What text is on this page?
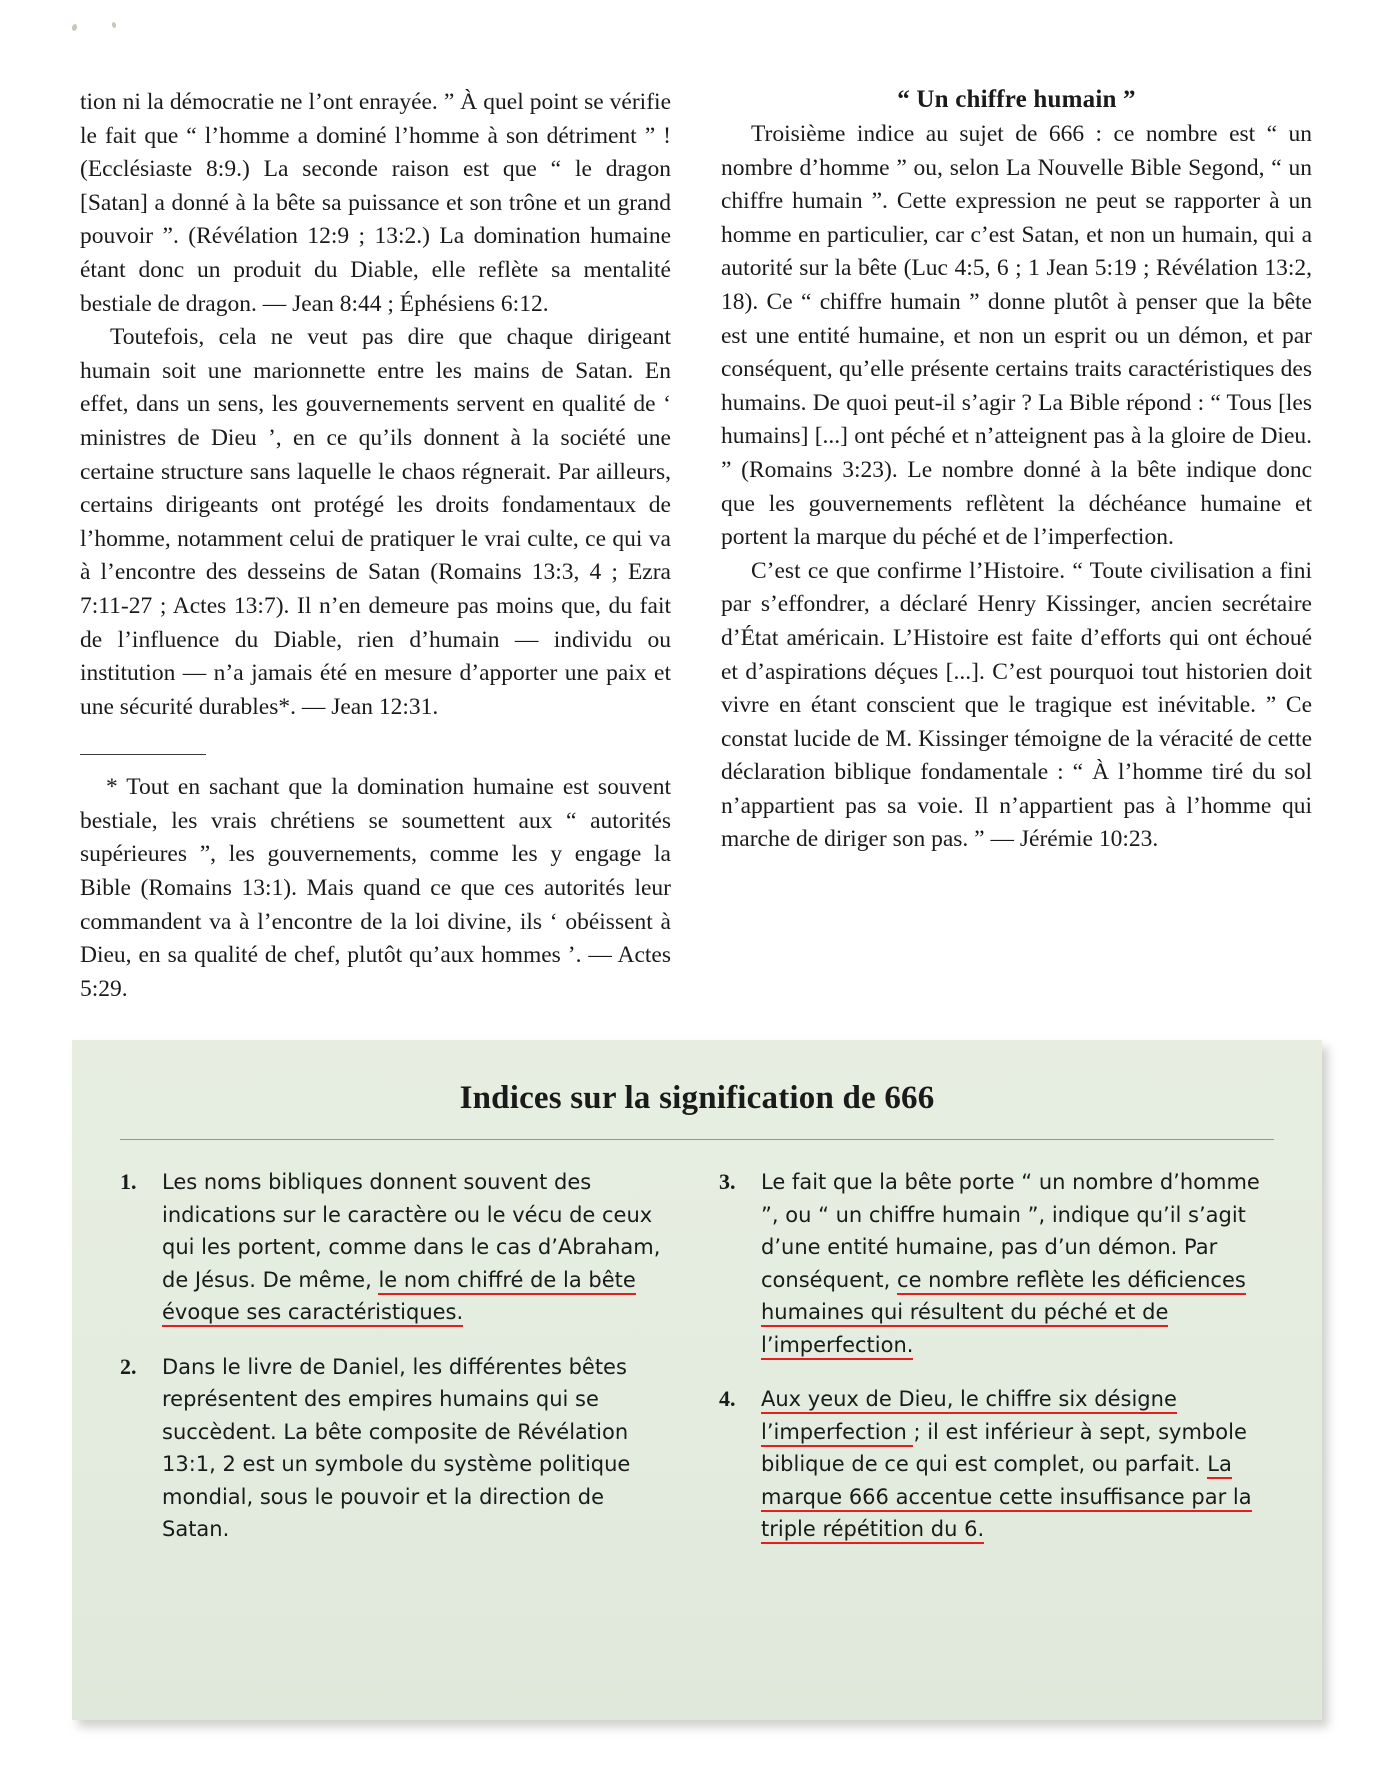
tion ni la démocratie ne l’ont enrayée. ” À quel point se vérifie le fait que “ l’homme a dominé l’homme à son détriment ” ! (Ecclésiaste 8:9.) La seconde raison est que “ le dragon [Satan] a donné à la bête sa puissance et son trône et un grand pouvoir ”. (Révélation 12:9 ; 13:2.) La domination humaine étant donc un produit du Diable, elle reflète sa mentalité bestiale de dragon. — Jean 8:44 ; Éphésiens 6:12.

Toutefois, cela ne veut pas dire que chaque dirigeant humain soit une marionnette entre les mains de Satan. En effet, dans un sens, les gouvernements servent en qualité de ‘ ministres de Dieu ’, en ce qu’ils donnent à la société une certaine structure sans laquelle le chaos régnerait. Par ailleurs, certains dirigeants ont protégé les droits fondamentaux de l’homme, notamment celui de pratiquer le vrai culte, ce qui va à l’encontre des desseins de Satan (Romains 13:3, 4 ; Ezra 7:11-27 ; Actes 13:7). Il n’en demeure pas moins que, du fait de l’influence du Diable, rien d’humain — individu ou institution — n’a jamais été en mesure d’apporter une paix et une sécurité durables*. — Jean 12:31.

* Tout en sachant que la domination humaine est souvent bestiale, les vrais chrétiens se soumettent aux “ autorités supérieures ”, les gouvernements, comme les y engage la Bible (Romains 13:1). Mais quand ce que ces autorités leur commandent va à l’encontre de la loi divine, ils ‘ obéissent à Dieu, en sa qualité de chef, plutôt qu’aux hommes ’. — Actes 5:29.

“ Un chiffre humain ”

Troisième indice au sujet de 666 : ce nombre est “ un nombre d’homme ” ou, selon La Nouvelle Bible Segond, “ un chiffre humain ”. Cette expression ne peut se rapporter à un homme en particulier, car c’est Satan, et non un humain, qui a autorité sur la bête (Luc 4:5, 6 ; 1 Jean 5:19 ; Révélation 13:2, 18). Ce “ chiffre humain ” donne plutôt à penser que la bête est une entité humaine, et non un esprit ou un démon, et par conséquent, qu’elle présente certains traits caractéristiques des humains. De quoi peut-il s’agir ? La Bible répond : “ Tous [les humains] [...] ont péché et n’atteignent pas à la gloire de Dieu. ” (Romains 3:23). Le nombre donné à la bête indique donc que les gouvernements reflètent la déchéance humaine et portent la marque du péché et de l’imperfection.

C’est ce que confirme l’Histoire. “ Toute civilisation a fini par s’effondrer, a déclaré Henry Kissinger, ancien secrétaire d’État américain. L’Histoire est faite d’efforts qui ont échoué et d’aspirations déçues [...]. C’est pourquoi tout historien doit vivre en étant conscient que le tragique est inévitable. ” Ce constat lucide de M. Kissinger témoigne de la véracité de cette déclaration biblique fondamentale : “ À l’homme tiré du sol n’appartient pas sa voie. Il n’appartient pas à l’homme qui marche de diriger son pas. ” — Jérémie 10:23.

Indices sur la signification de 666
1.	Les noms bibliques donnent souvent des indications sur le caractère ou le vécu de ceux qui les portent, comme dans le cas d’Abraham, de Jésus. De même, le nom chiffré de la bête évoque ses caractéristiques.
2.	Dans le livre de Daniel, les différentes bêtes représentent des empires humains qui se succèdent. La bête composite de Révélation 13:1, 2 est un symbole du système politique mondial, sous le pouvoir et la direction de Satan.
3.	Le fait que la bête porte “ un nombre d’homme ”, ou “ un chiffre humain ”, indique qu’il s’agit d’une entité humaine, pas d’un démon. Par conséquent, ce nombre reflète les déficiences humaines qui résultent du péché et de l’imperfection.
4.	Aux yeux de Dieu, le chiffre six désigne l’imperfection ; il est inférieur à sept, symbole biblique de ce qui est complet, ou parfait. La marque 666 accentue cette insuffisance par la triple répétition du 6.
